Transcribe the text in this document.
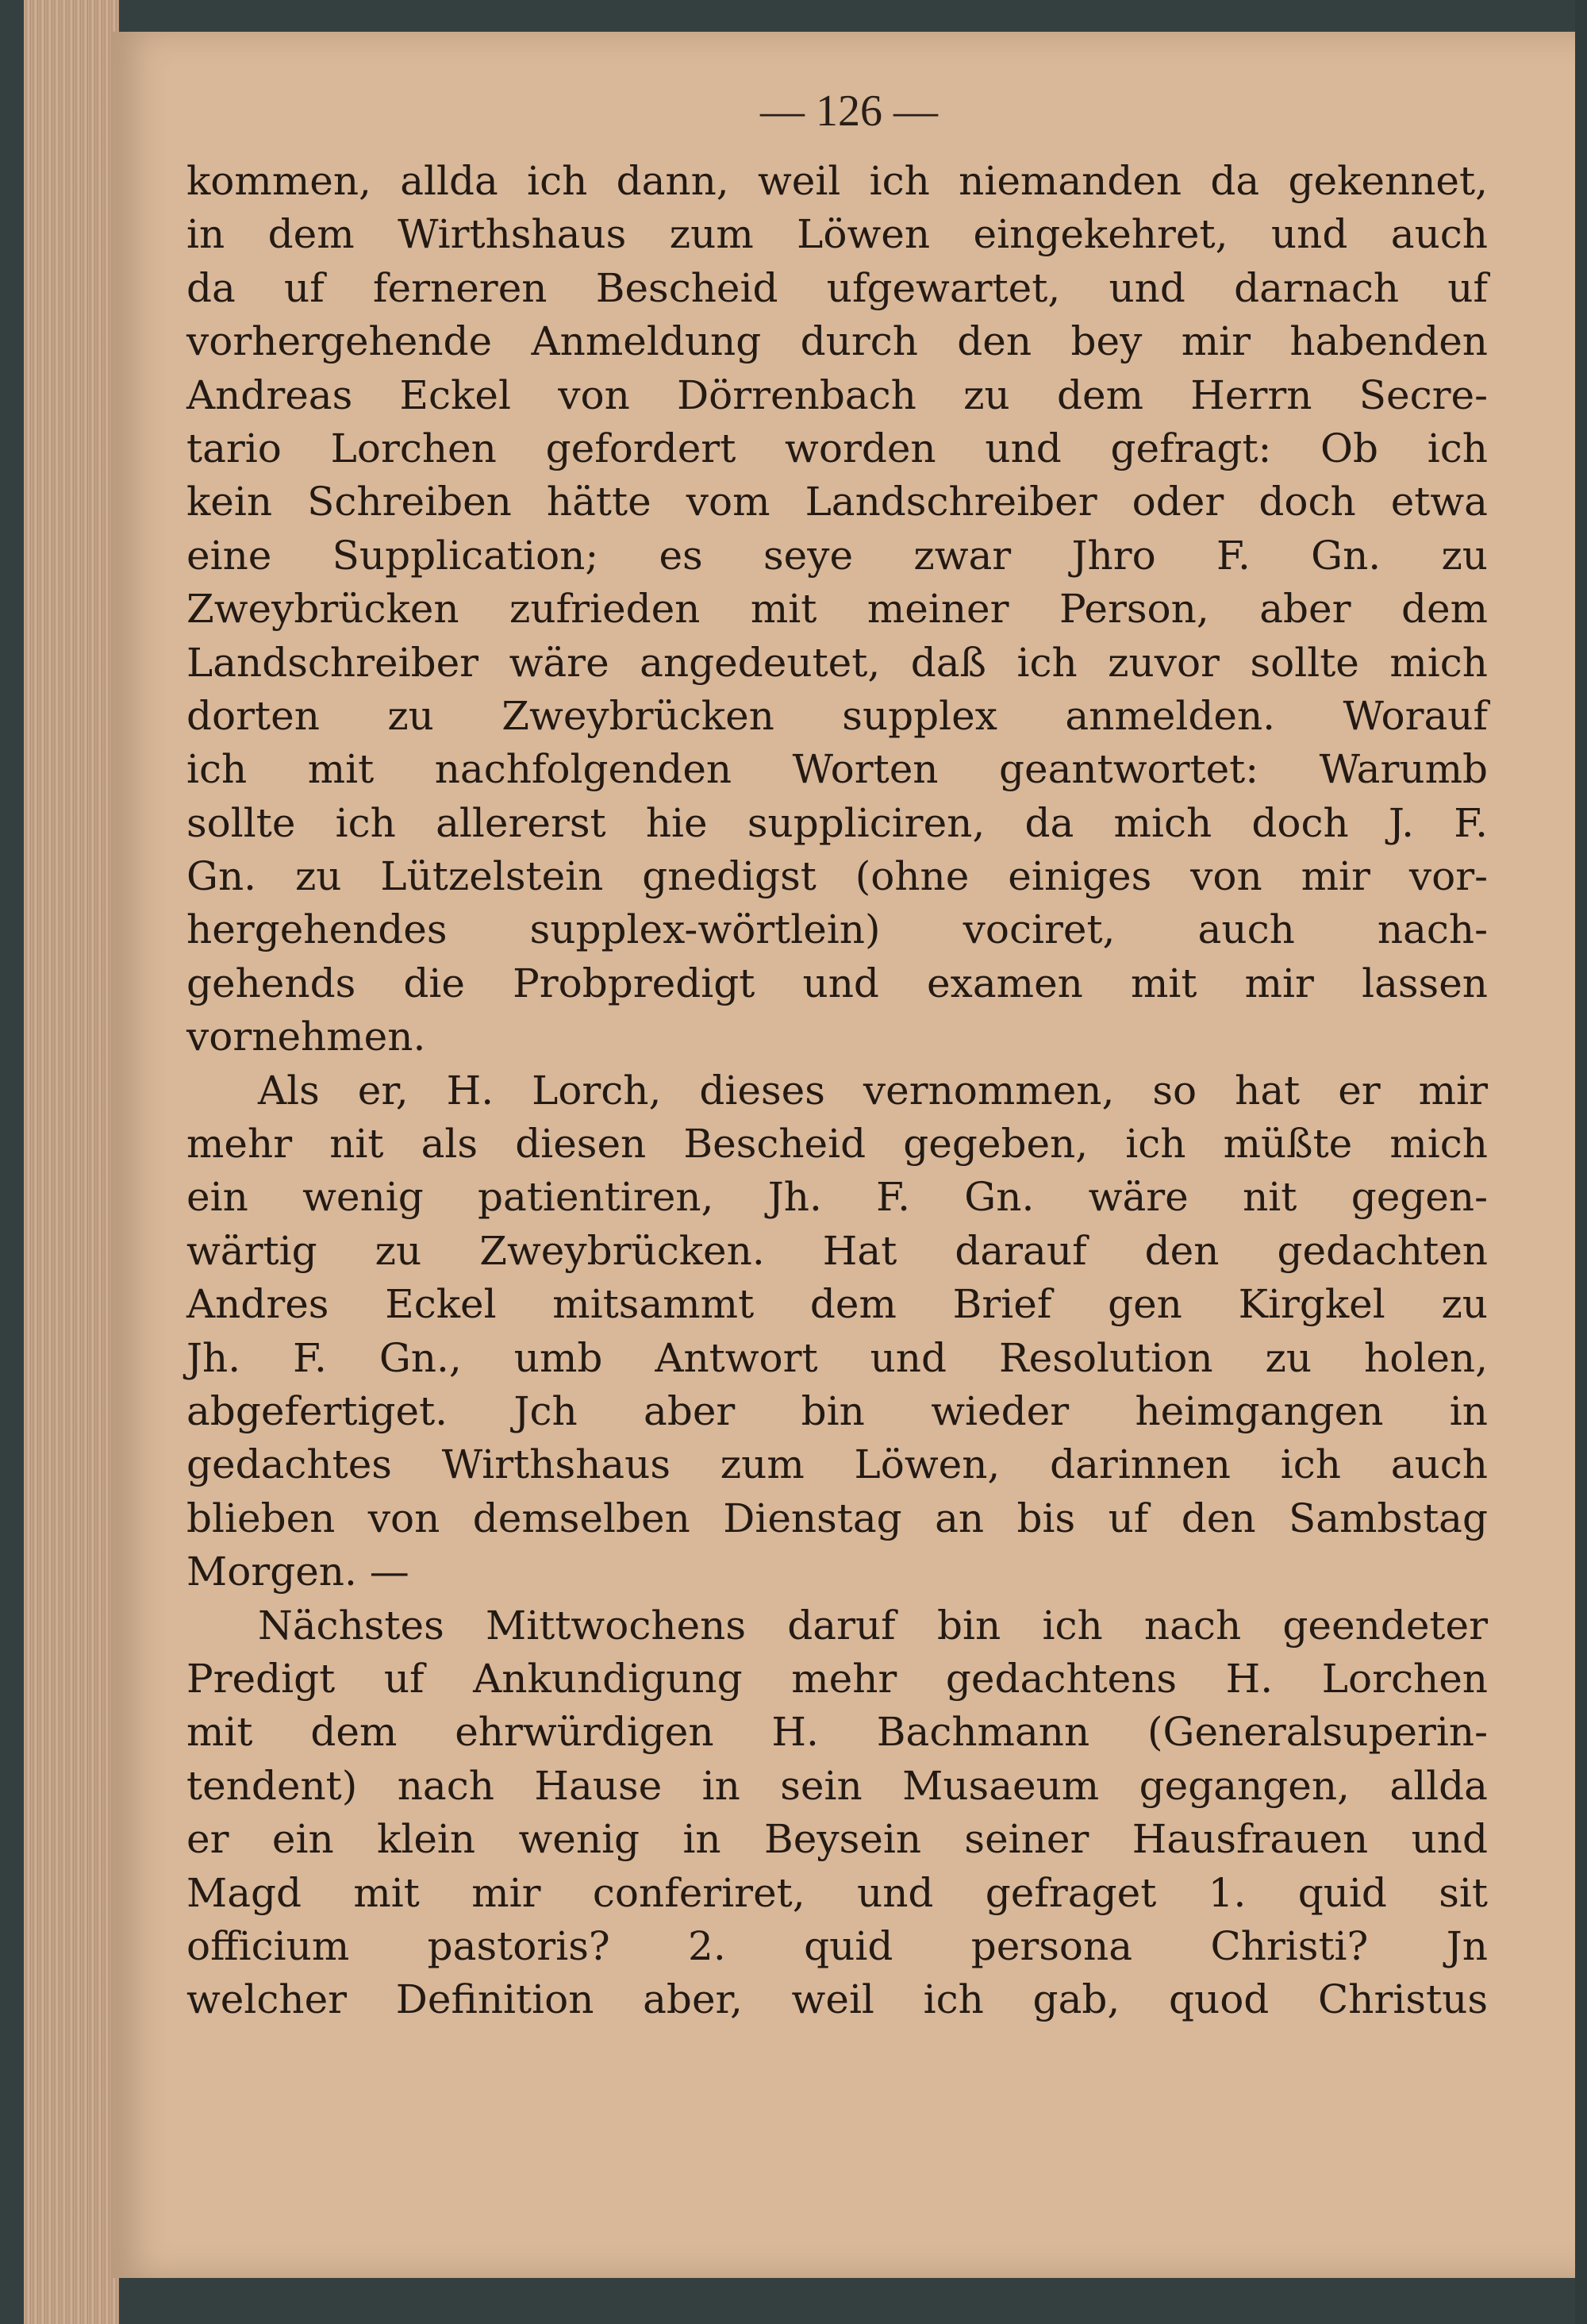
— 126 —
kommen, allda ich dann, weil ich niemanden da gekennet,
in dem Wirthshaus zum Löwen eingekehret, und auch
da uf ferneren Bescheid ufgewartet, und darnach uf
vorhergehende Anmeldung durch den bey mir habenden
Andreas Eckel von Dörrenbach zu dem Herrn Secre-
tario Lorchen gefordert worden und gefragt: Ob ich
kein Schreiben hätte vom Landschreiber oder doch etwa
eine Supplication; es seye zwar Jhro F. Gn. zu
Zweybrücken zufrieden mit meiner Person, aber dem
Landschreiber wäre angedeutet, daß ich zuvor sollte mich
dorten zu Zweybrücken supplex anmelden. Worauf
ich mit nachfolgenden Worten geantwortet: Warumb
sollte ich allererst hie suppliciren, da mich doch J. F.
Gn. zu Lützelstein gnedigst (ohne einiges von mir vor-
hergehendes supplex-wörtlein) vociret, auch nach-
gehends die Probpredigt und examen mit mir lassen
vornehmen.
Als er, H. Lorch, dieses vernommen, so hat er mir
mehr nit als diesen Bescheid gegeben, ich müßte mich
ein wenig patientiren, Jh. F. Gn. wäre nit gegen-
wärtig zu Zweybrücken. Hat darauf den gedachten
Andres Eckel mitsammt dem Brief gen Kirgkel zu
Jh. F. Gn., umb Antwort und Resolution zu holen,
abgefertiget. Jch aber bin wieder heimgangen in
gedachtes Wirthshaus zum Löwen, darinnen ich auch
blieben von demselben Dienstag an bis uf den Sambstag
Morgen. —
Nächstes Mittwochens daruf bin ich nach geendeter
Predigt uf Ankundigung mehr gedachtens H. Lorchen
mit dem ehrwürdigen H. Bachmann (Generalsuperin-
tendent) nach Hause in sein Musaeum gegangen, allda
er ein klein wenig in Beysein seiner Hausfrauen und
Magd mit mir conferiret, und gefraget 1. quid sit
officium pastoris? 2. quid persona Christi? Jn
welcher Definition aber, weil ich gab, quod Christus
